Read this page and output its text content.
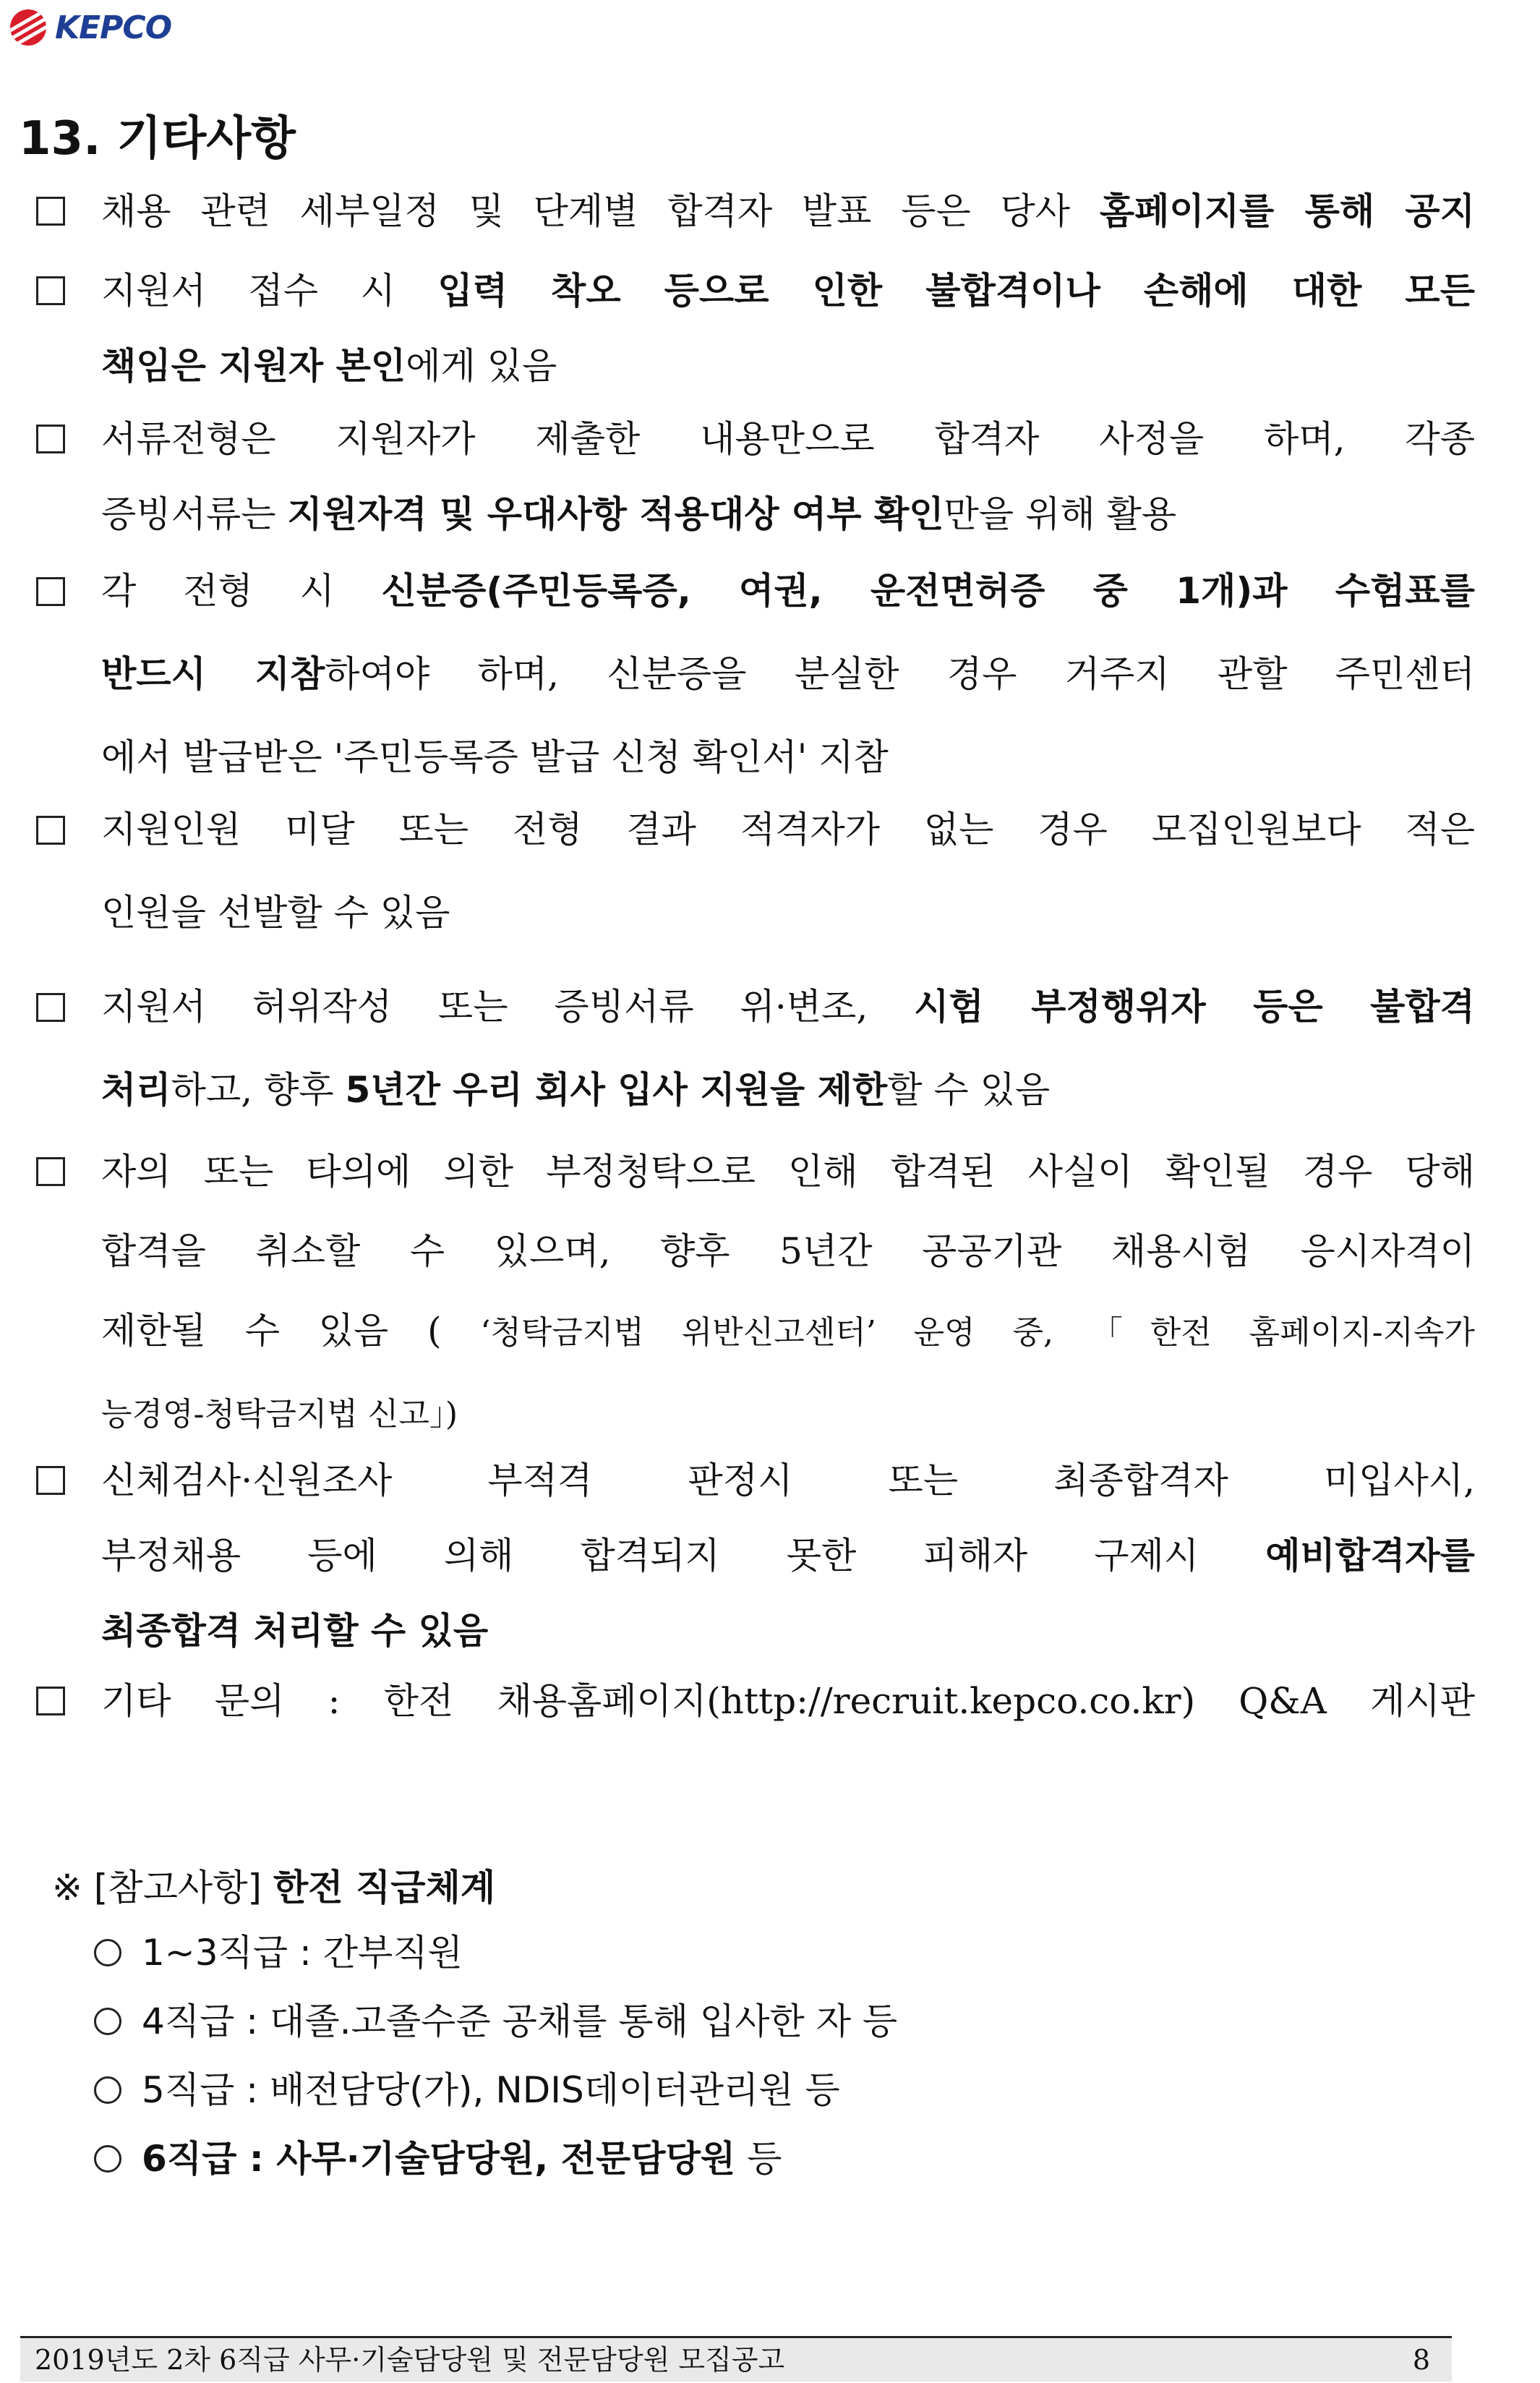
KEPCO
13. 기타사항
채용 관련 세부일정 및 단계별 합격자 발표 등은 당사 홈페이지를 통해 공지
지원서 접수 시 입력 착오 등으로 인한 불합격이나 손해에 대한 모든
책임은 지원자 본인에게 있음
서류전형은 지원자가 제출한 내용만으로 합격자 사정을 하며, 각종
증빙서류는 지원자격 및 우대사항 적용대상 여부 확인만을 위해 활용
각 전형 시 신분증(주민등록증, 여권, 운전면허증 중 1개)과 수험표를
반드시 지참하여야 하며, 신분증을 분실한 경우 거주지 관할 주민센터
에서 발급받은 '주민등록증 발급 신청 확인서' 지참
지원인원 미달 또는 전형 결과 적격자가 없는 경우 모집인원보다 적은
인원을 선발할 수 있음
지원서 허위작성 또는 증빙서류 위·변조, 시험 부정행위자 등은 불합격
처리하고, 향후 5년간 우리 회사 입사 지원을 제한할 수 있음
자의 또는 타의에 의한 부정청탁으로 인해 합격된 사실이 확인될 경우 당해
합격을 취소할 수 있으며, 향후 5년간 공공기관 채용시험 응시자격이
제한될 수 있음 ( ‘청탁금지법 위반신고센터’ 운영 중, 「한전 홈페이지-지속가
능경영-청탁금지법 신고」)
신체검사·신원조사 부적격 판정시 또는 최종합격자 미입사시,
부정채용 등에 의해 합격되지 못한 피해자 구제시 예비합격자를
최종합격 처리할 수 있음
기타 문의 : 한전 채용홈페이지(http://recruit.kepco.co.kr) Q&A 게시판
※ [참고사항] 한전 직급체계
1~3직급 : 간부직원
4직급 : 대졸.고졸수준 공채를 통해 입사한 자 등
5직급 : 배전담당(가), NDIS데이터관리원 등
6직급 : 사무·기술담당원, 전문담당원 등
2019년도 2차 6직급 사무·기술담당원 및 전문담당원 모집공고	8
